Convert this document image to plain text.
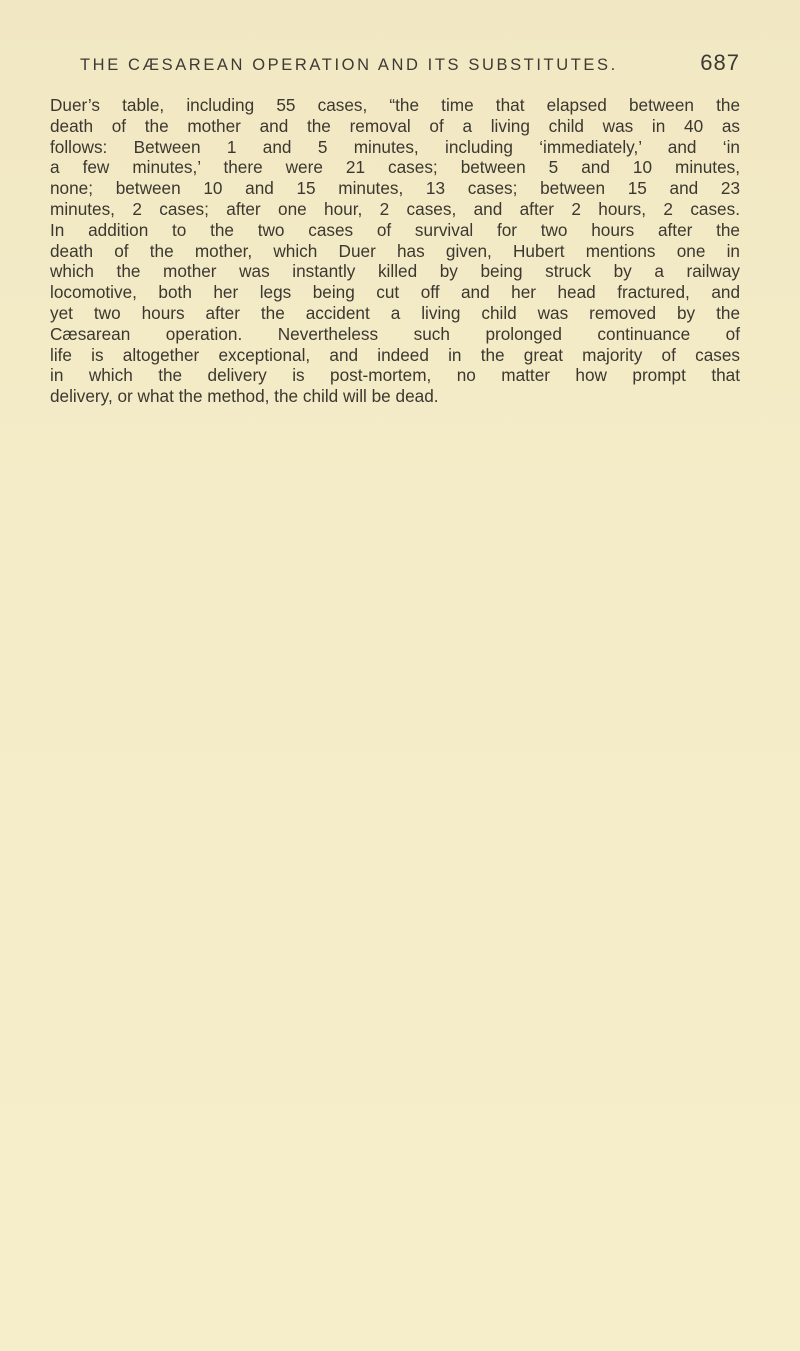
THE CÆSAREAN OPERATION AND ITS SUBSTITUTES.	687

Duer’s table, including 55 cases, “the time that elapsed between the
death of the mother and the removal of a living child was in 40 as
follows: Between 1 and 5 minutes, including ‘immediately,’ and ‘in
a few minutes,’ there were 21 cases; between 5 and 10 minutes,
none; between 10 and 15 minutes, 13 cases; between 15 and 23
minutes, 2 cases; after one hour, 2 cases, and after 2 hours, 2 cases.
In addition to the two cases of survival for two hours after the
death of the mother, which Duer has given, Hubert mentions one in
which the mother was instantly killed by being struck by a railway
locomotive, both her legs being cut off and her head fractured, and
yet two hours after the accident a living child was removed by the
Cæsarean operation. Nevertheless such prolonged continuance of
life is altogether exceptional, and indeed in the great majority of cases
in which the delivery is post-mortem, no matter how prompt that
delivery, or what the method, the child will be dead.
